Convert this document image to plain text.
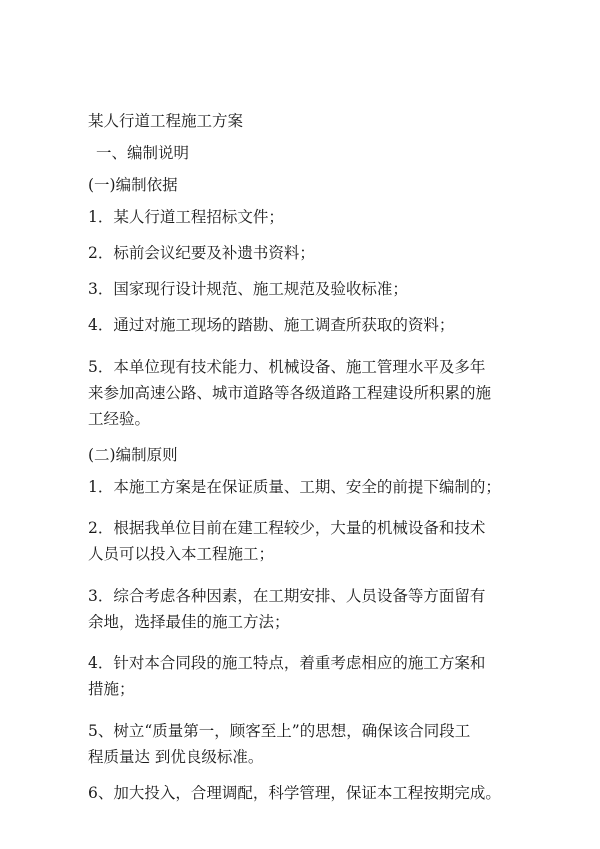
某人行道工程施工方案

一、编制说明

(一)编制依据

1．某人行道工程招标文件；

2．标前会议纪要及补遗书资料；

3．国家现行设计规范、施工规范及验收标准；

4．通过对施工现场的踏勘、施工调查所获取的资料；

5．本单位现有技术能力、机械设备、施工管理水平及多年
来参加高速公路、城市道路等各级道路工程建设所积累的施
工经验。

(二)编制原则

1．本施工方案是在保证质量、工期、安全的前提下编制的；

2．根据我单位目前在建工程较少，大量的机械设备和技术
人员可以投入本工程施工；

3．综合考虑各种因素，在工期安排、人员设备等方面留有
余地，选择最佳的施工方法；

4．针对本合同段的施工特点，着重考虑相应的施工方案和
措施；

5、树立“质量第一，顾客至上”的思想，确保该合同段工
程质量达 到优良级标准。

6、加大投入，合理调配，科学管理，保证本工程按期完成。
